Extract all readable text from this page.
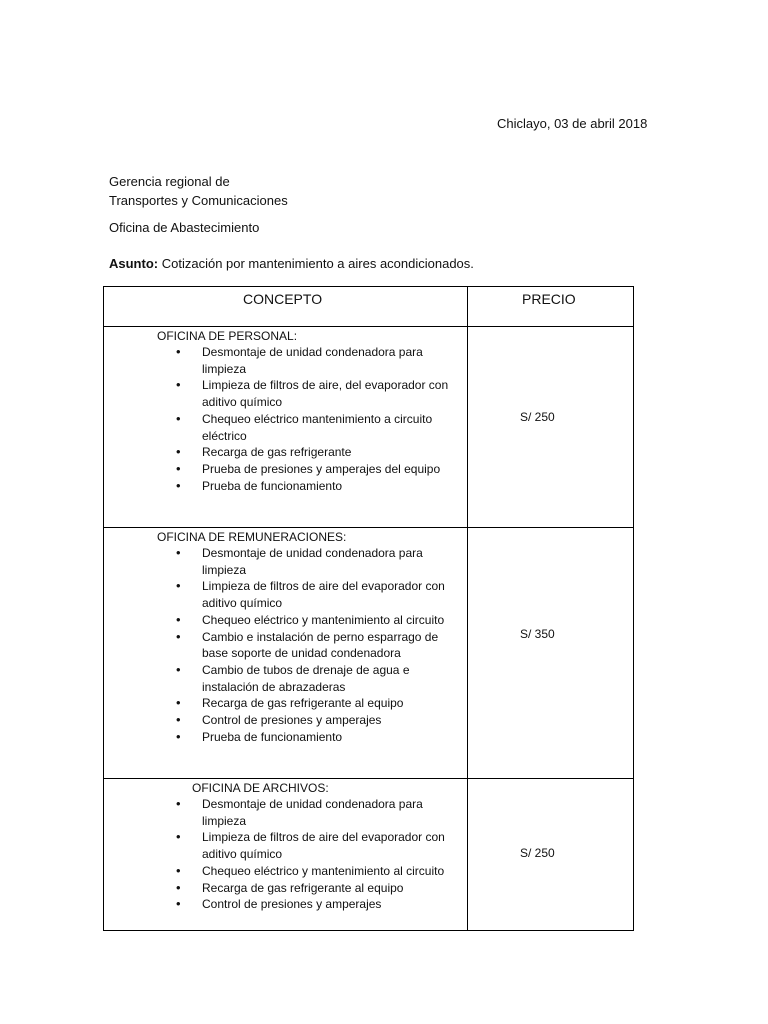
Chiclayo, 03 de abril 2018
Gerencia regional de
Transportes y Comunicaciones
Oficina de Abastecimiento
Asunto: Cotización por mantenimiento a aires acondicionados.
CONCEPTO	PRECIO
OFICINA DE PERSONAL:
• Desmontaje de unidad condenadora para limpieza
• Limpieza de filtros de aire, del evaporador con aditivo químico
• Chequeo eléctrico mantenimiento a circuito eléctrico
• Recarga de gas refrigerante
• Prueba de presiones y amperajes del equipo
• Prueba de funcionamiento
S/ 250
OFICINA DE REMUNERACIONES:
• Desmontaje de unidad condenadora para limpieza
• Limpieza de filtros de aire del evaporador con aditivo químico
• Chequeo eléctrico y mantenimiento al circuito
• Cambio e instalación de perno esparrago de base soporte de unidad condenadora
• Cambio de tubos de drenaje de agua e instalación de abrazaderas
• Recarga de gas refrigerante al equipo
• Control de presiones y amperajes
• Prueba de funcionamiento
S/ 350
OFICINA DE ARCHIVOS:
• Desmontaje de unidad condenadora para limpieza
• Limpieza de filtros de aire del evaporador con aditivo químico
• Chequeo eléctrico y mantenimiento al circuito
• Recarga de gas refrigerante al equipo
• Control de presiones y amperajes
S/ 250
